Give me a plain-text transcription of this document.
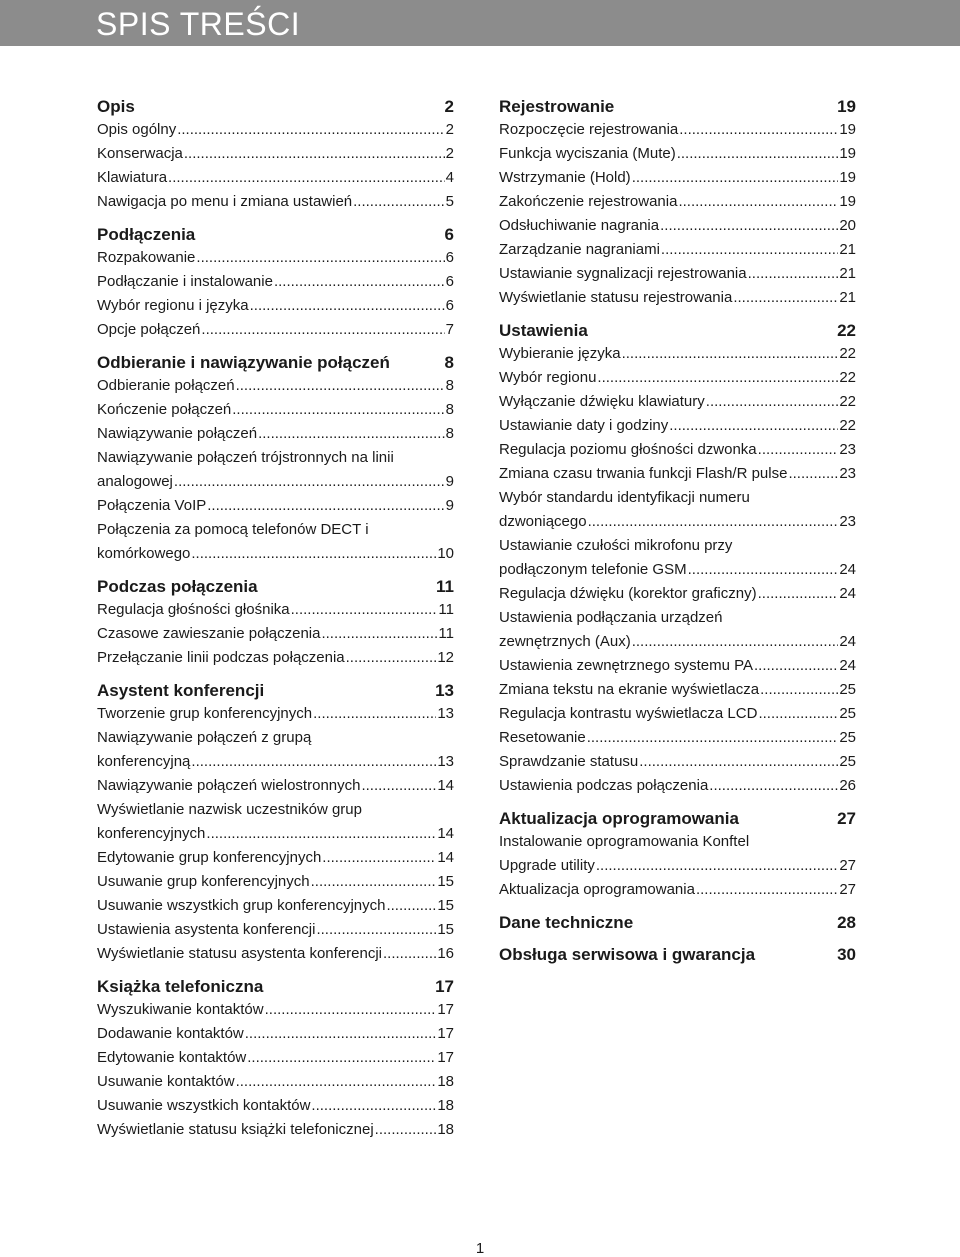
SPIS TREŚCI
Opis	2
Opis ogólny .....	2
Konserwacja .....	2
Klawiatura .....	4
Nawigacja po menu i zmiana ustawień .....	5
Podłączenia	6
Rozpakowanie .....	6
Podłączanie i instalowanie .....	6
Wybór regionu i języka .....	6
Opcje połączeń .....	7
Odbieranie i nawiązywanie połączeń	8
Odbieranie połączeń .....	8
Kończenie połączeń .....	8
Nawiązywanie połączeń .....	8
Nawiązywanie połączeń trójstronnych na linii
analogowej .....	9
Połączenia VoIP .....	9
Połączenia za pomocą telefonów DECT i
komórkowego .....	10
Podczas połączenia	11
Regulacja głośności głośnika .....	11
Czasowe zawieszanie połączenia .....	11
Przełączanie linii podczas połączenia .....	12
Asystent konferencji	13
Tworzenie grup konferencyjnych .....	13
Nawiązywanie połączeń z grupą
konferencyjną .....	13
Nawiązywanie połączeń wielostronnych .....	14
Wyświetlanie nazwisk uczestników grup
konferencyjnych .....	14
Edytowanie grup konferencyjnych .....	14
Usuwanie grup konferencyjnych .....	15
Usuwanie wszystkich grup konferencyjnych .....	15
Ustawienia asystenta konferencji .....	15
Wyświetlanie statusu asystenta konferencji .....	16
Książka telefoniczna	17
Wyszukiwanie kontaktów .....	17
Dodawanie kontaktów .....	17
Edytowanie kontaktów .....	17
Usuwanie kontaktów .....	18
Usuwanie wszystkich kontaktów .....	18
Wyświetlanie statusu książki telefonicznej .....	18
Rejestrowanie	19
Rozpoczęcie rejestrowania .....	19
Funkcja wyciszania (Mute) .....	19
Wstrzymanie (Hold) .....	19
Zakończenie rejestrowania .....	19
Odsłuchiwanie nagrania .....	20
Zarządzanie nagraniami .....	21
Ustawianie sygnalizacji rejestrowania .....	21
Wyświetlanie statusu rejestrowania .....	21
Ustawienia	22
Wybieranie języka .....	22
Wybór regionu .....	22
Wyłączanie dźwięku klawiatury .....	22
Ustawianie daty i godziny .....	22
Regulacja poziomu głośności dzwonka .....	23
Zmiana czasu trwania funkcji Flash/R pulse .....	23
Wybór standardu identyfikacji numeru
dzwoniącego .....	23
Ustawianie czułości mikrofonu przy
podłączonym telefonie GSM .....	24
Regulacja dźwięku (korektor graficzny) .....	24
Ustawienia podłączania urządzeń
zewnętrznych (Aux) .....	24
Ustawienia zewnętrznego systemu PA .....	24
Zmiana tekstu na ekranie wyświetlacza .....	25
Regulacja kontrastu wyświetlacza LCD .....	25
Resetowanie .....	25
Sprawdzanie statusu .....	25
Ustawienia podczas połączenia .....	26
Aktualizacja oprogramowania	27
Instalowanie oprogramowania Konftel
Upgrade utility .....	27
Aktualizacja oprogramowania .....	27
Dane techniczne	28
Obsługa serwisowa i gwarancja	30
1
